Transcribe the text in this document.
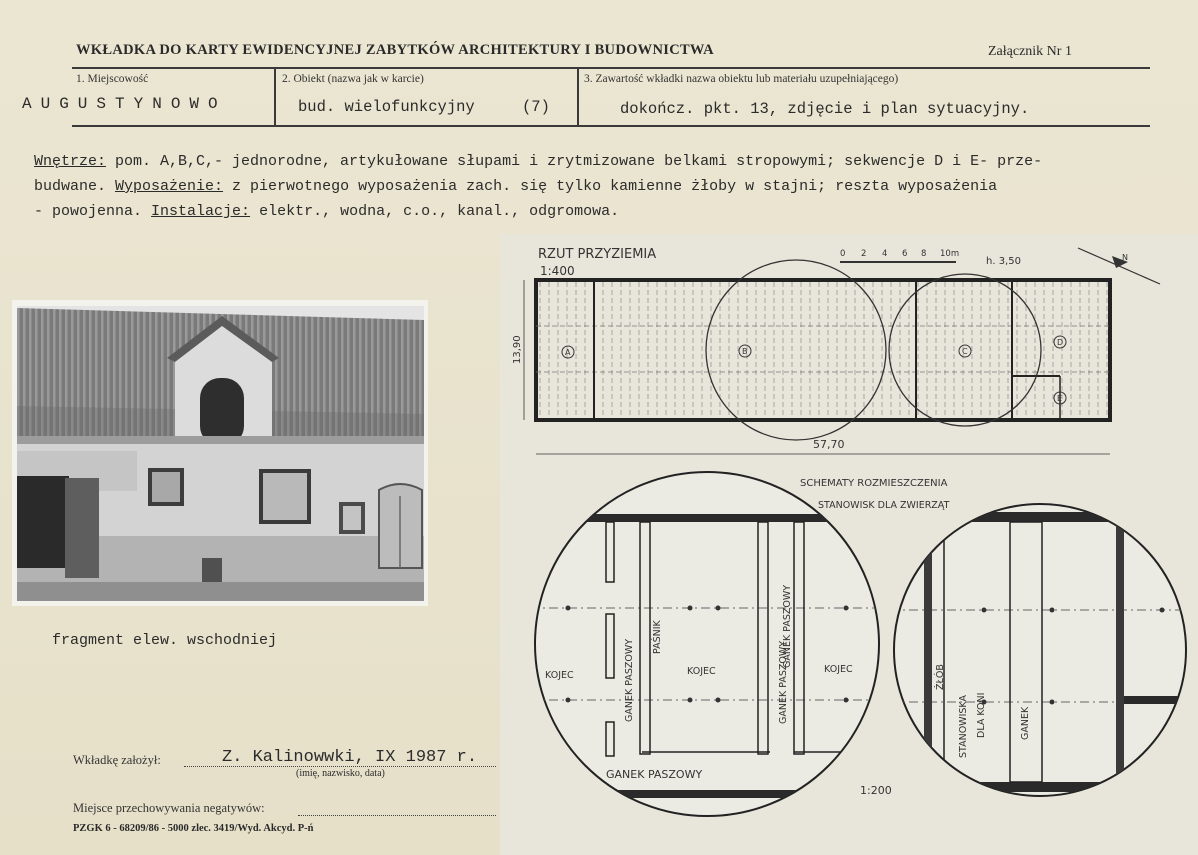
WKŁADKA DO KARTY EWIDENCYJNEJ ZABYTKÓW ARCHITEKTURY I BUDOWNICTWA	Załącznik Nr 1
1. Miejscowość	2. Obiekt (nazwa jak w karcie)	3. Zawartość wkładki nazwa obiektu lub materiału uzupełniającego)
AUGUSTYNOWO	bud. wielofunkcyjny	(7)	dokończ. pkt. 13, zdjęcie i plan sytuacyjny.
Wnętrze: pom. A,B,C,- jednorodne, artykułowane słupami i zrytmizowane belkami stropowymi; sekwencje D i E- prze-
budwane. Wyposażenie: z pierwotnego wyposażenia zach. się tylko kamienne żłoby w stajni; reszta wyposażenia
- powojenna. Instalacje: elektr., wodna, c.o., kanal., odgromowa.
fragment elew. wschodniej
Wkładkę założył:	Z. Kalinowwki, IX 1987 r.
(imię, nazwisko, data)
Miejsce przechowywania negatywów:
PZGK 6 - 68209/86 - 5000 zlec. 3419/Wyd. Akcyd. P-ń
RZUT PRZYZIEMIA
1:400
0 2 4 6 8 10m
h. 3,50	N
A	B	C
D
E
13,90
57,70
SCHEMATY ROZMIESZCZENIA
STANOWISK DLA ZWIERZĄT
KOJEC	KOJEC	KOJEC
GANEK PASZOWY
GANEK PASZOWY
GANEK PASZOWY
PAŚNIK
GANEK PASZOWY
ŻŁÓB
STANOWISKA DLA KONI	GANEK
1:200
